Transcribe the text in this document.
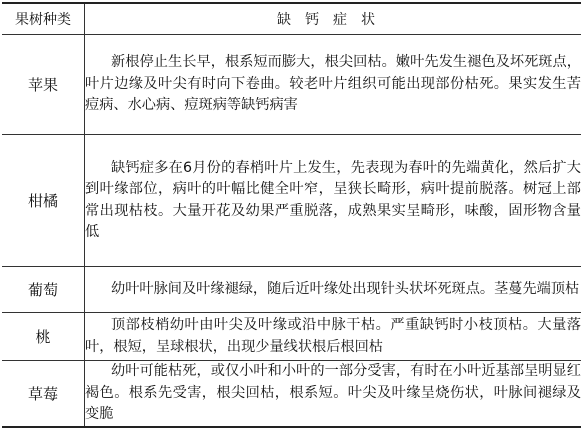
果树种类	缺钙症状
苹果	新根停止生长早，根系短而膨大，根尖回枯。嫩叶先发生褪色及坏死斑点，叶片边缘及叶尖有时向下卷曲。较老叶片组织可能出现部份枯死。果实发生苦痘病、水心病、痘斑病等缺钙病害
柑橘	缺钙症多在6月份的春梢叶片上发生，先表现为春叶的先端黄化，然后扩大到叶缘部位，病叶的叶幅比健全叶窄，呈狭长畸形，病叶提前脱落。树冠上部常出现枯枝。大量开花及幼果严重脱落，成熟果实呈畸形，味酸，固形物含量低
葡萄	幼叶叶脉间及叶缘褪绿，随后近叶缘处出现针头状坏死斑点。茎蔓先端顶枯
桃	顶部枝梢幼叶由叶尖及叶缘或沿中脉干枯。严重缺钙时小枝顶枯。大量落叶，根短，呈球根状，出现少量线状根后根回枯
草莓	幼叶可能枯死，或仅小叶和小叶的一部分受害，有时在小叶近基部呈明显红褐色。根系先受害，根尖回枯，根系短。叶尖及叶缘呈烧伤状，叶脉间褪绿及变脆
